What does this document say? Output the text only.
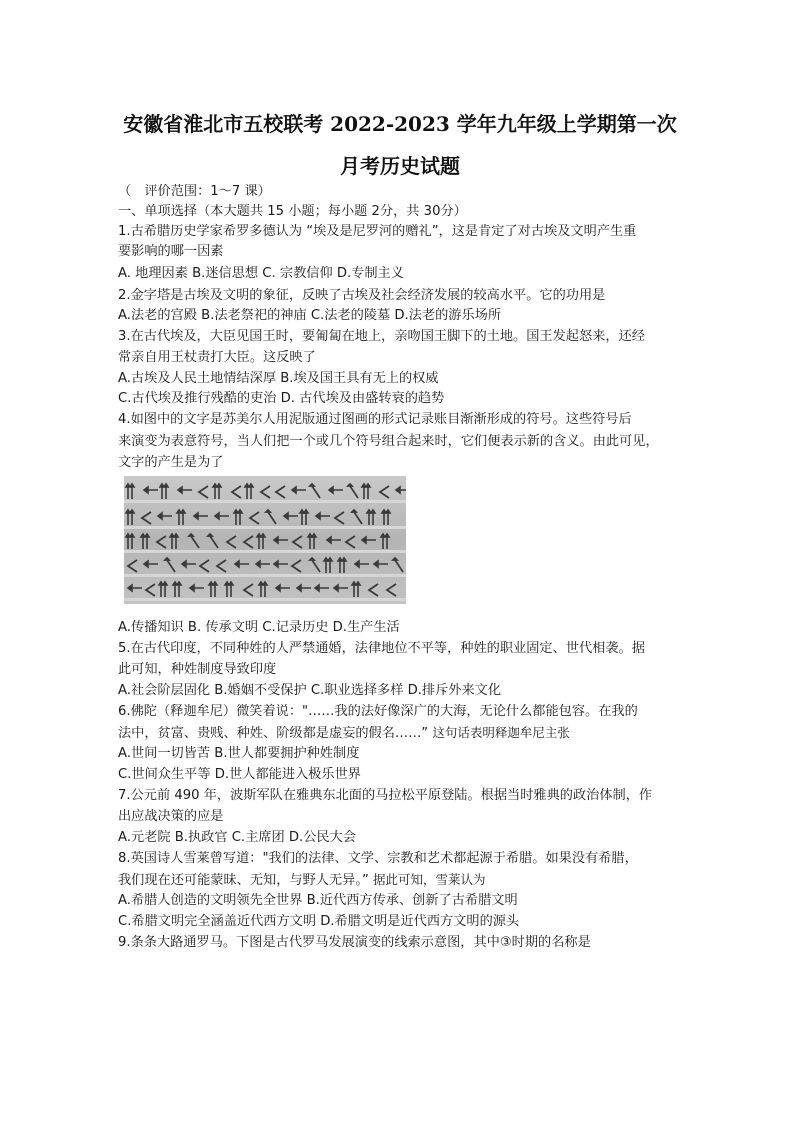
安徽省淮北市五校联考 2022-2023 学年九年级上学期第一次
月考历史试题
（　评价范围：1～7 课）
一、单项选择（本大题共 15 小题；每小题 2分，共 30分）
1.古希腊历史学家希罗多德认为 “埃及是尼罗河的赠礼”，这是肯定了对古埃及文明产生重
要影响的哪一因素
A. 地理因素 B.迷信思想 C. 宗教信仰 D.专制主义
2.金字塔是古埃及文明的象征，反映了古埃及社会经济发展的较高水平。它的功用是
A.法老的宫殿 B.法老祭祀的神庙 C.法老的陵墓 D.法老的游乐场所
3.在古代埃及，大臣见国王时，要匍匐在地上，亲吻国王脚下的土地。国王发起怒来，还经
常亲自用王杖责打大臣。这反映了
A.古埃及人民土地情结深厚 B.埃及国王具有无上的权威
C.古代埃及推行残酷的吏治 D. 古代埃及由盛转衰的趋势
4.如图中的文字是苏美尔人用泥版通过图画的形式记录账目渐渐形成的符号。这些符号后
来演变为表意符号，当人们把一个或几个符号组合起来时，它们便表示新的含义。由此可见，
文字的产生是为了
A.传播知识 B. 传承文明 C.记录历史 D.生产生活
5.在古代印度，不同种姓的人严禁通婚，法律地位不平等，种姓的职业固定、世代相袭。据
此可知，种姓制度导致印度
A.社会阶层固化 B.婚姻不受保护 C.职业选择多样 D.排斥外来文化
6.佛陀（释迦牟尼）微笑着说："……我的法好像深广的大海，无论什么都能包容。在我的
法中，贫富、贵贱、种姓、阶级都是虚妄的假名……” 这句话表明释迦牟尼主张
A.世间一切皆苦 B.世人都要拥护种姓制度
C.世间众生平等 D.世人都能进入极乐世界
7.公元前 490 年，波斯军队在雅典东北面的马拉松平原登陆。根据当时雅典的政治体制，作
出应战决策的应是
A.元老院 B.执政官 C.主席团 D.公民大会
8.英国诗人雪莱曾写道："我们的法律、文学、宗教和艺术都起源于希腊。如果没有希腊，
我们现在还可能蒙昧、无知，与野人无异。” 据此可知，雪莱认为
A.希腊人创造的文明领先全世界 B.近代西方传承、创新了古希腊文明
C.希腊文明完全涵盖近代西方文明 D.希腊文明是近代西方文明的源头
9.条条大路通罗马。下图是古代罗马发展演变的线索示意图，其中③时期的名称是
